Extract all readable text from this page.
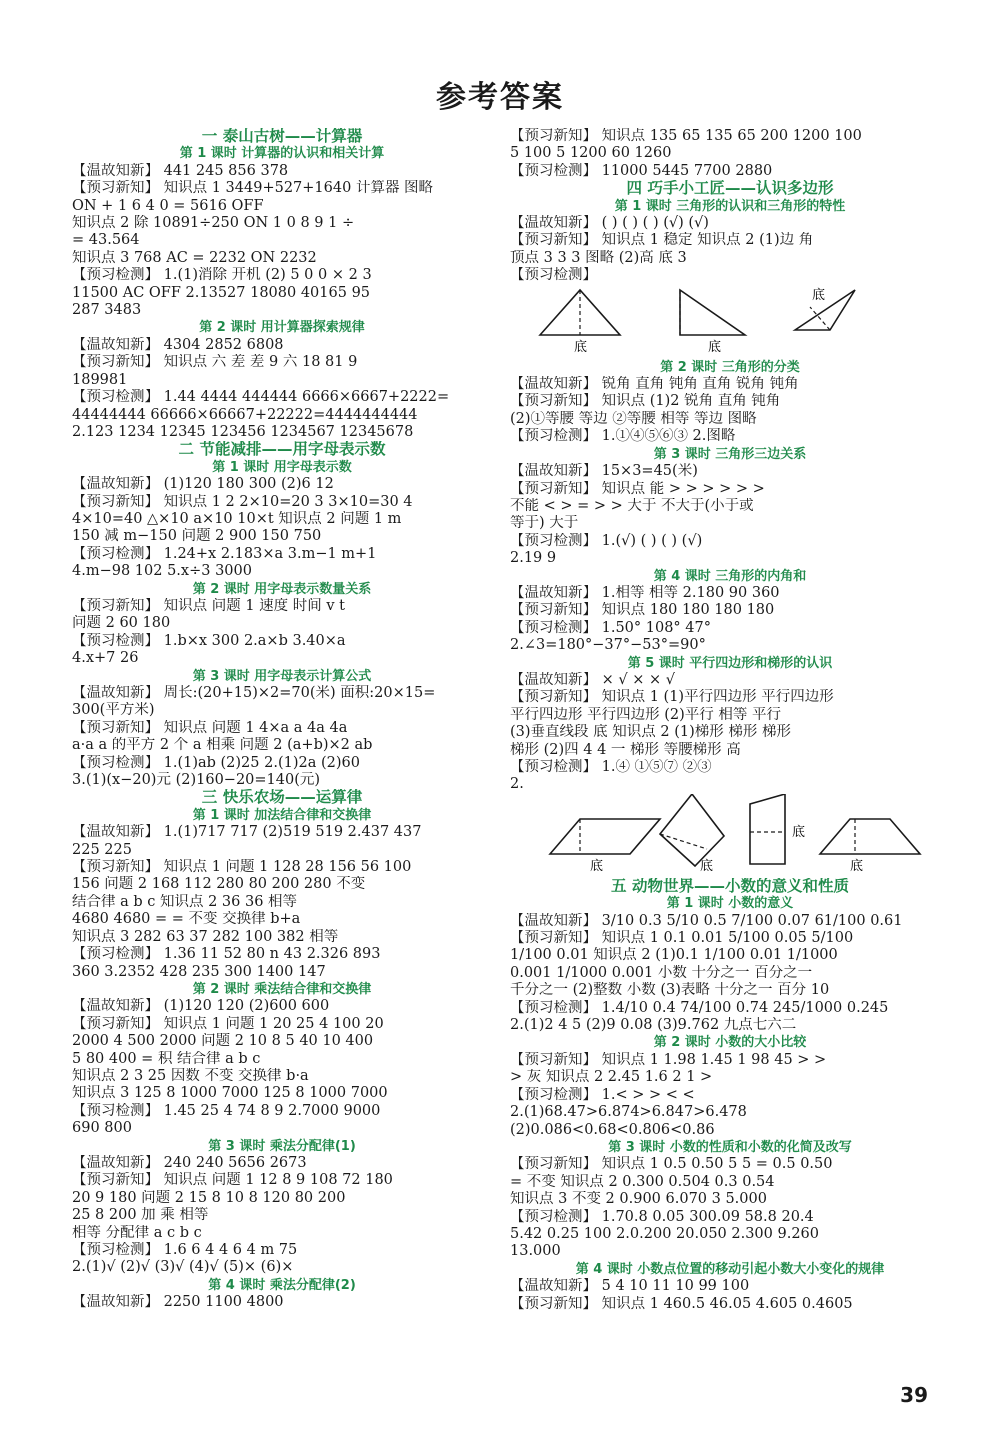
参考答案
一 泰山古树——计算器
第 1 课时 计算器的认识和相关计算
【温故知新】 441 245 856 378
【预习新知】 知识点 1 3449+527+1640 计算器 图略
ON + 1 6 4 0 = 5616 OFF
知识点 2 除 10891÷250 ON 1 0 8 9 1 ÷
= 43.564
知识点 3 768 AC = 2232 ON 2232
【预习检测】 1.(1)消除 开机 (2) 5 0 0 × 2 3
11500 AC OFF 2.13527 18080 40165 95
287 3483
第 2 课时 用计算器探索规律
【温故知新】 4304 2852 6808
【预习新知】 知识点 六 差 差 9 六 18 81 9
189981
【预习检测】 1.44 4444 444444 6666×6667+2222=
44444444 66666×66667+22222=4444444444
2.123 1234 12345 123456 1234567 12345678
二 节能减排——用字母表示数
第 1 课时 用字母表示数
【温故知新】 (1)120 180 300 (2)6 12
【预习新知】 知识点 1 2 2×10=20 3 3×10=30 4
4×10=40 △×10 a×10 10×t 知识点 2 问题 1 m
150 减 m−150 问题 2 900 150 750
【预习检测】 1.24+x 2.183×a 3.m−1 m+1
4.m−98 102 5.x÷3 3000
第 2 课时 用字母表示数量关系
【预习新知】 知识点 问题 1 速度 时间 v t
问题 2 60 180
【预习检测】 1.b×x 300 2.a×b 3.40×a
4.x+7 26
第 3 课时 用字母表示计算公式
【温故知新】 周长:(20+15)×2=70(米) 面积:20×15=
300(平方米)
【预习新知】 知识点 问题 1 4×a a 4a 4a
a·a a 的平方 2 个 a 相乘 问题 2 (a+b)×2 ab
【预习检测】 1.(1)ab (2)25 2.(1)2a (2)60
3.(1)(x−20)元 (2)160−20=140(元)
三 快乐农场——运算律
第 1 课时 加法结合律和交换律
【温故知新】 1.(1)717 717 (2)519 519 2.437 437
225 225
【预习新知】 知识点 1 问题 1 128 28 156 56 100
156 问题 2 168 112 280 80 200 280 不变
结合律 a b c 知识点 2 36 36 相等
4680 4680 = = 不变 交换律 b+a
知识点 3 282 63 37 282 100 382 相等
【预习检测】 1.36 11 52 80 n 43 2.326 893
360 3.2352 428 235 300 1400 147
第 2 课时 乘法结合律和交换律
【温故知新】 (1)120 120 (2)600 600
【预习新知】 知识点 1 问题 1 20 25 4 100 20
2000 4 500 2000 问题 2 10 8 5 40 10 400
5 80 400 = 积 结合律 a b c
知识点 2 3 25 因数 不变 交换律 b·a
知识点 3 125 8 1000 7000 125 8 1000 7000
【预习检测】 1.45 25 4 74 8 9 2.7000 9000
690 800
第 3 课时 乘法分配律(1)
【温故知新】 240 240 5656 2673
【预习新知】 知识点 问题 1 12 8 9 108 72 180
20 9 180 问题 2 15 8 10 8 120 80 200
25 8 200 加 乘 相等
相等 分配律 a c b c
【预习检测】 1.6 6 4 4 6 4 m 75
2.(1)√ (2)√ (3)√ (4)√ (5)× (6)×
第 4 课时 乘法分配律(2)
【温故知新】 2250 1100 4800
【预习新知】 知识点 135 65 135 65 200 1200 100
5 100 5 1200 60 1260
【预习检测】 11000 5445 7700 2880
四 巧手小工匠——认识多边形
第 1 课时 三角形的认识和三角形的特性
【温故知新】 ( ) ( ) ( ) (√) (√)
【预习新知】 知识点 1 稳定 知识点 2 (1)边 角
顶点 3 3 3 图略 (2)高 底 3
【预习检测】
底	底
底
第 2 课时 三角形的分类
【温故知新】 锐角 直角 钝角 直角 锐角 钝角
【预习新知】 知识点 (1)2 锐角 直角 钝角
(2)①等腰 等边 ②等腰 相等 等边 图略
【预习检测】 1.①④⑤⑥③ 2.图略
第 3 课时 三角形三边关系
【温故知新】 15×3=45(米)
【预习新知】 知识点 能 > > > > > >
不能 < > = > > 大于 不大于(小于或
等于) 大于
【预习检测】 1.(√) ( ) ( ) (√)
2.19 9
第 4 课时 三角形的内角和
【温故知新】 1.相等 相等 2.180 90 360
【预习新知】 知识点 180 180 180 180
【预习检测】 1.50° 108° 47°
2.∠3=180°−37°−53°=90°
第 5 课时 平行四边形和梯形的认识
【温故知新】 × √ × × √
【预习新知】 知识点 1 (1)平行四边形 平行四边形
平行四边形 平行四边形 (2)平行 相等 平行
(3)垂直线段 底 知识点 2 (1)梯形 梯形 梯形
梯形 (2)四 4 4 一 梯形 等腰梯形 高
【预习检测】 1.④ ①⑤⑦ ②③
2.
底	底
底
底
五 动物世界——小数的意义和性质
第 1 课时 小数的意义
【温故知新】 3/10 0.3 5/10 0.5 7/100 0.07 61/100 0.61
【预习新知】 知识点 1 0.1 0.01 5/100 0.05 5/100
1/100 0.01 知识点 2 (1)0.1 1/100 0.01 1/1000
0.001 1/1000 0.001 小数 十分之一 百分之一
千分之一 (2)整数 小数 (3)表略 十分之一 百分 10
【预习检测】 1.4/10 0.4 74/100 0.74 245/1000 0.245
2.(1)2 4 5 (2)9 0.08 (3)9.762 九点七六二
第 2 课时 小数的大小比较
【预习新知】 知识点 1 1.98 1.45 1 98 45 > >
> 灰 知识点 2 2.45 1.6 2 1 >
【预习检测】 1.< > > < <
2.(1)68.47>6.874>6.847>6.478
(2)0.086<0.68<0.806<0.86
第 3 课时 小数的性质和小数的化简及改写
【预习新知】 知识点 1 0.5 0.50 5 5 = 0.5 0.50
= 不变 知识点 2 0.300 0.504 0.3 0.54
知识点 3 不变 2 0.900 6.070 3 5.000
【预习检测】 1.70.8 0.05 300.09 58.8 20.4
5.42 0.25 100 2.0.200 20.050 2.300 9.260
13.000
第 4 课时 小数点位置的移动引起小数大小变化的规律
【温故知新】 5 4 10 11 10 99 100
【预习新知】 知识点 1 460.5 46.05 4.605 0.4605
39
